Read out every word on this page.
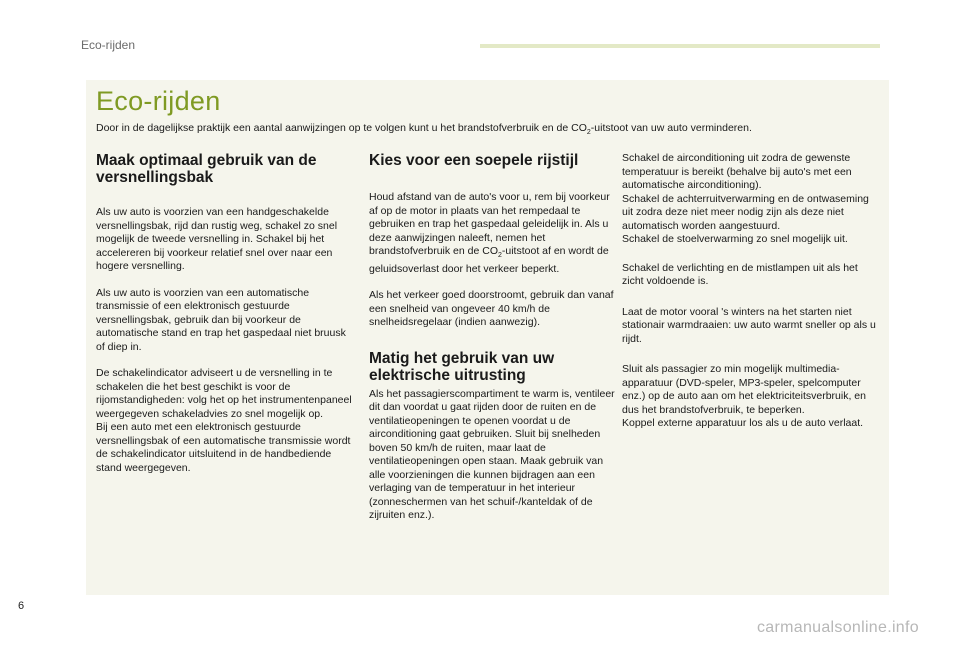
Eco-rijden
Eco-rijden
Door in de dagelijkse praktijk een aantal aanwijzingen op te volgen kunt u het brandstofverbruik en de $CO_2$-uitstoot van uw auto verminderen.
Maak optimaal gebruik van de versnellingsbak

Als uw auto is voorzien van een handgeschakelde versnellingsbak, rijd dan rustig weg, schakel zo snel mogelijk de tweede versnelling in. Schakel bij het accelereren bij voorkeur relatief snel over naar een hogere versnelling.

Als uw auto is voorzien van een automatische transmissie of een elektronisch gestuurde versnellingsbak, gebruik dan bij voorkeur de automatische stand en trap het gaspedaal niet bruusk of diep in.

De schakelindicator adviseert u de versnelling in te schakelen die het best geschikt is voor de rijomstandigheden: volg het op het instrumentenpaneel weergegeven schakeladvies zo snel mogelijk op.
Bij een auto met een elektronisch gestuurde versnellingsbak of een automatische transmissie wordt de schakelindicator uitsluitend in de handbediende stand weergegeven.

Kies voor een soepele rijstijl

Houd afstand van de auto's voor u, rem bij voorkeur af op de motor in plaats van het rempedaal te gebruiken en trap het gaspedaal geleidelijk in. Als u deze aanwijzingen naleeft, nemen het brandstofverbruik en de $CO_2$-uitstoot af en wordt de geluidsoverlast door het verkeer beperkt.

Als het verkeer goed doorstroomt, gebruik dan vanaf een snelheid van ongeveer 40 km/h de snelheidsregelaar (indien aanwezig).

Matig het gebruik van uw elektrische uitrusting

Als het passagierscompartiment te warm is, ventileer dit dan voordat u gaat rijden door de ruiten en de ventilatieopeningen te openen voordat u de airconditioning gaat gebruiken. Sluit bij snelheden boven 50 km/h de ruiten, maar laat de ventilatieopeningen open staan. Maak gebruik van alle voorzieningen die kunnen bijdragen aan een verlaging van de temperatuur in het interieur (zonneschermen van het schuif-/kanteldak of de zijruiten enz.).

Schakel de airconditioning uit zodra de gewenste temperatuur is bereikt (behalve bij auto's met een automatische airconditioning).
Schakel de achterruitverwarming en de ontwaseming uit zodra deze niet meer nodig zijn als deze niet automatisch worden aangestuurd.
Schakel de stoelverwarming zo snel mogelijk uit.

Schakel de verlichting en de mistlampen uit als het zicht voldoende is.

Laat de motor vooral 's winters na het starten niet stationair warmdraaien: uw auto warmt sneller op als u rijdt.

Sluit als passagier zo min mogelijk multimedia-apparatuur (DVD-speler, MP3-speler, spelcomputer enz.) op de auto aan om het elektriciteitsverbruik, en dus het brandstofverbruik, te beperken.
Koppel externe apparatuur los als u de auto verlaat.

6
carmanualsonline.info
